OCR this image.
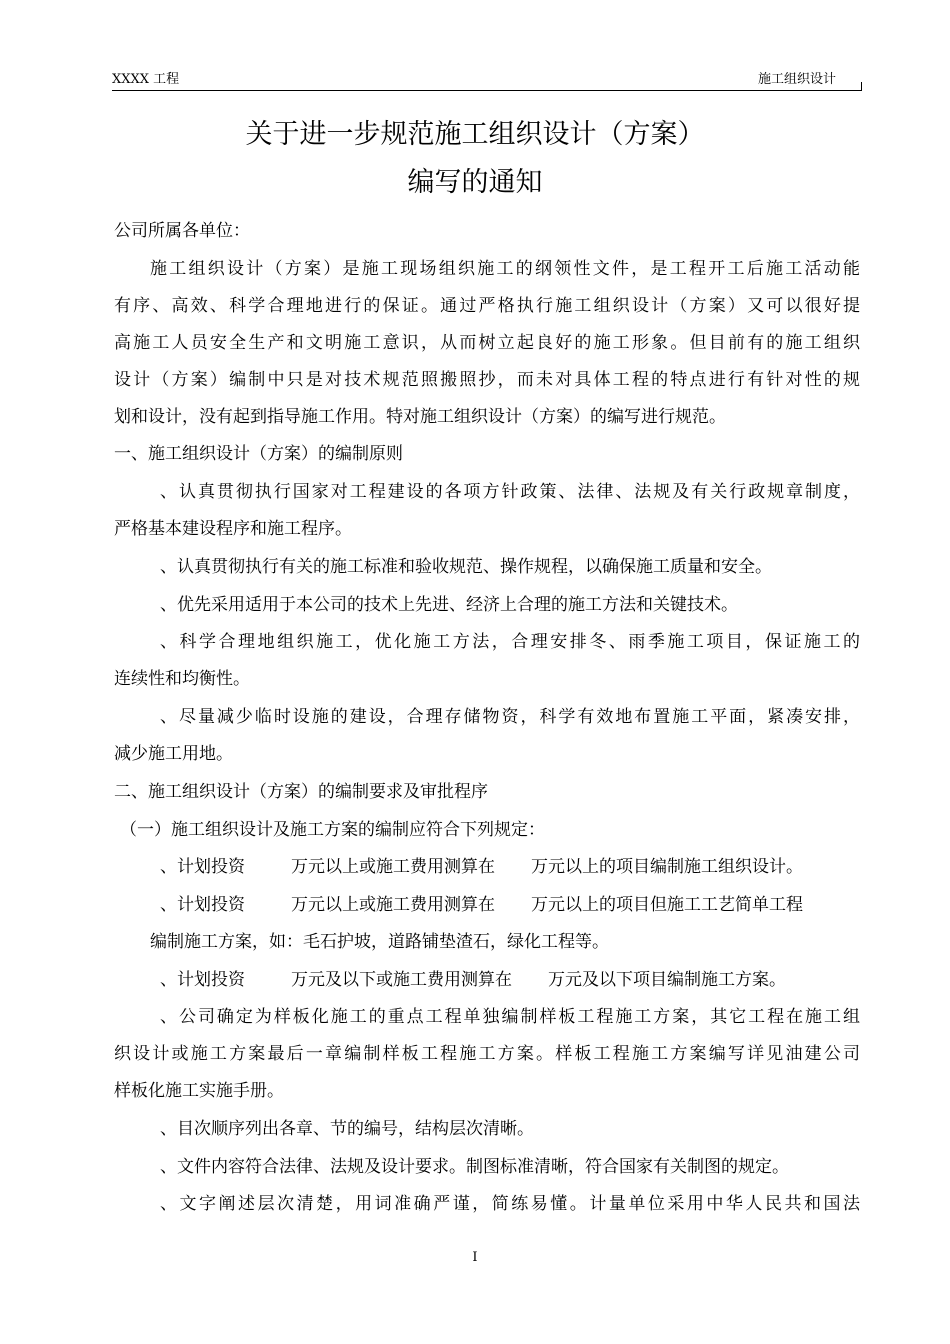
XXXX 工程	施工组织设计
关于进一步规范施工组织设计（方案）
编写的通知
公司所属各单位：
施工组织设计（方案）是施工现场组织施工的纲领性文件，是工程开工后施工活动能
有序、高效、科学合理地进行的保证。通过严格执行施工组织设计（方案）又可以很好提
高施工人员安全生产和文明施工意识，从而树立起良好的施工形象。但目前有的施工组织
设计（方案）编制中只是对技术规范照搬照抄，而未对具体工程的特点进行有针对性的规
划和设计，没有起到指导施工作用。特对施工组织设计（方案）的编写进行规范。
一、施工组织设计（方案）的编制原则
、认真贯彻执行国家对工程建设的各项方针政策、法律、法规及有关行政规章制度，
严格基本建设程序和施工程序。
、认真贯彻执行有关的施工标准和验收规范、操作规程，以确保施工质量和安全。
、优先采用适用于本公司的技术上先进、经济上合理的施工方法和关键技术。
、科学合理地组织施工，优化施工方法，合理安排冬、雨季施工项目，保证施工的
连续性和均衡性。
、尽量减少临时设施的建设，合理存储物资，科学有效地布置施工平面，紧凑安排，
减少施工用地。
二、施工组织设计（方案）的编制要求及审批程序
（一）施工组织设计及施工方案的编制应符合下列规定：
、计划投资	万元以上或施工费用测算在 万元以上的项目编制施工组织设计。
、计划投资	万元以上或施工费用测算在 万元以上的项目但施工工艺简单工程
编制施工方案，如：毛石护坡，道路铺垫渣石，绿化工程等。
、计划投资	万元及以下或施工费用测算在 万元及以下项目编制施工方案。
、公司确定为样板化施工的重点工程单独编制样板工程施工方案，其它工程在施工组
织设计或施工方案最后一章编制样板工程施工方案。样板工程施工方案编写详见油建公司
样板化施工实施手册。
、目次顺序列出各章、节的编号，结构层次清晰。
、文件内容符合法律、法规及设计要求。制图标准清晰，符合国家有关制图的规定。
、文字阐述层次清楚，用词准确严谨，简练易懂。计量单位采用中华人民共和国法
I
